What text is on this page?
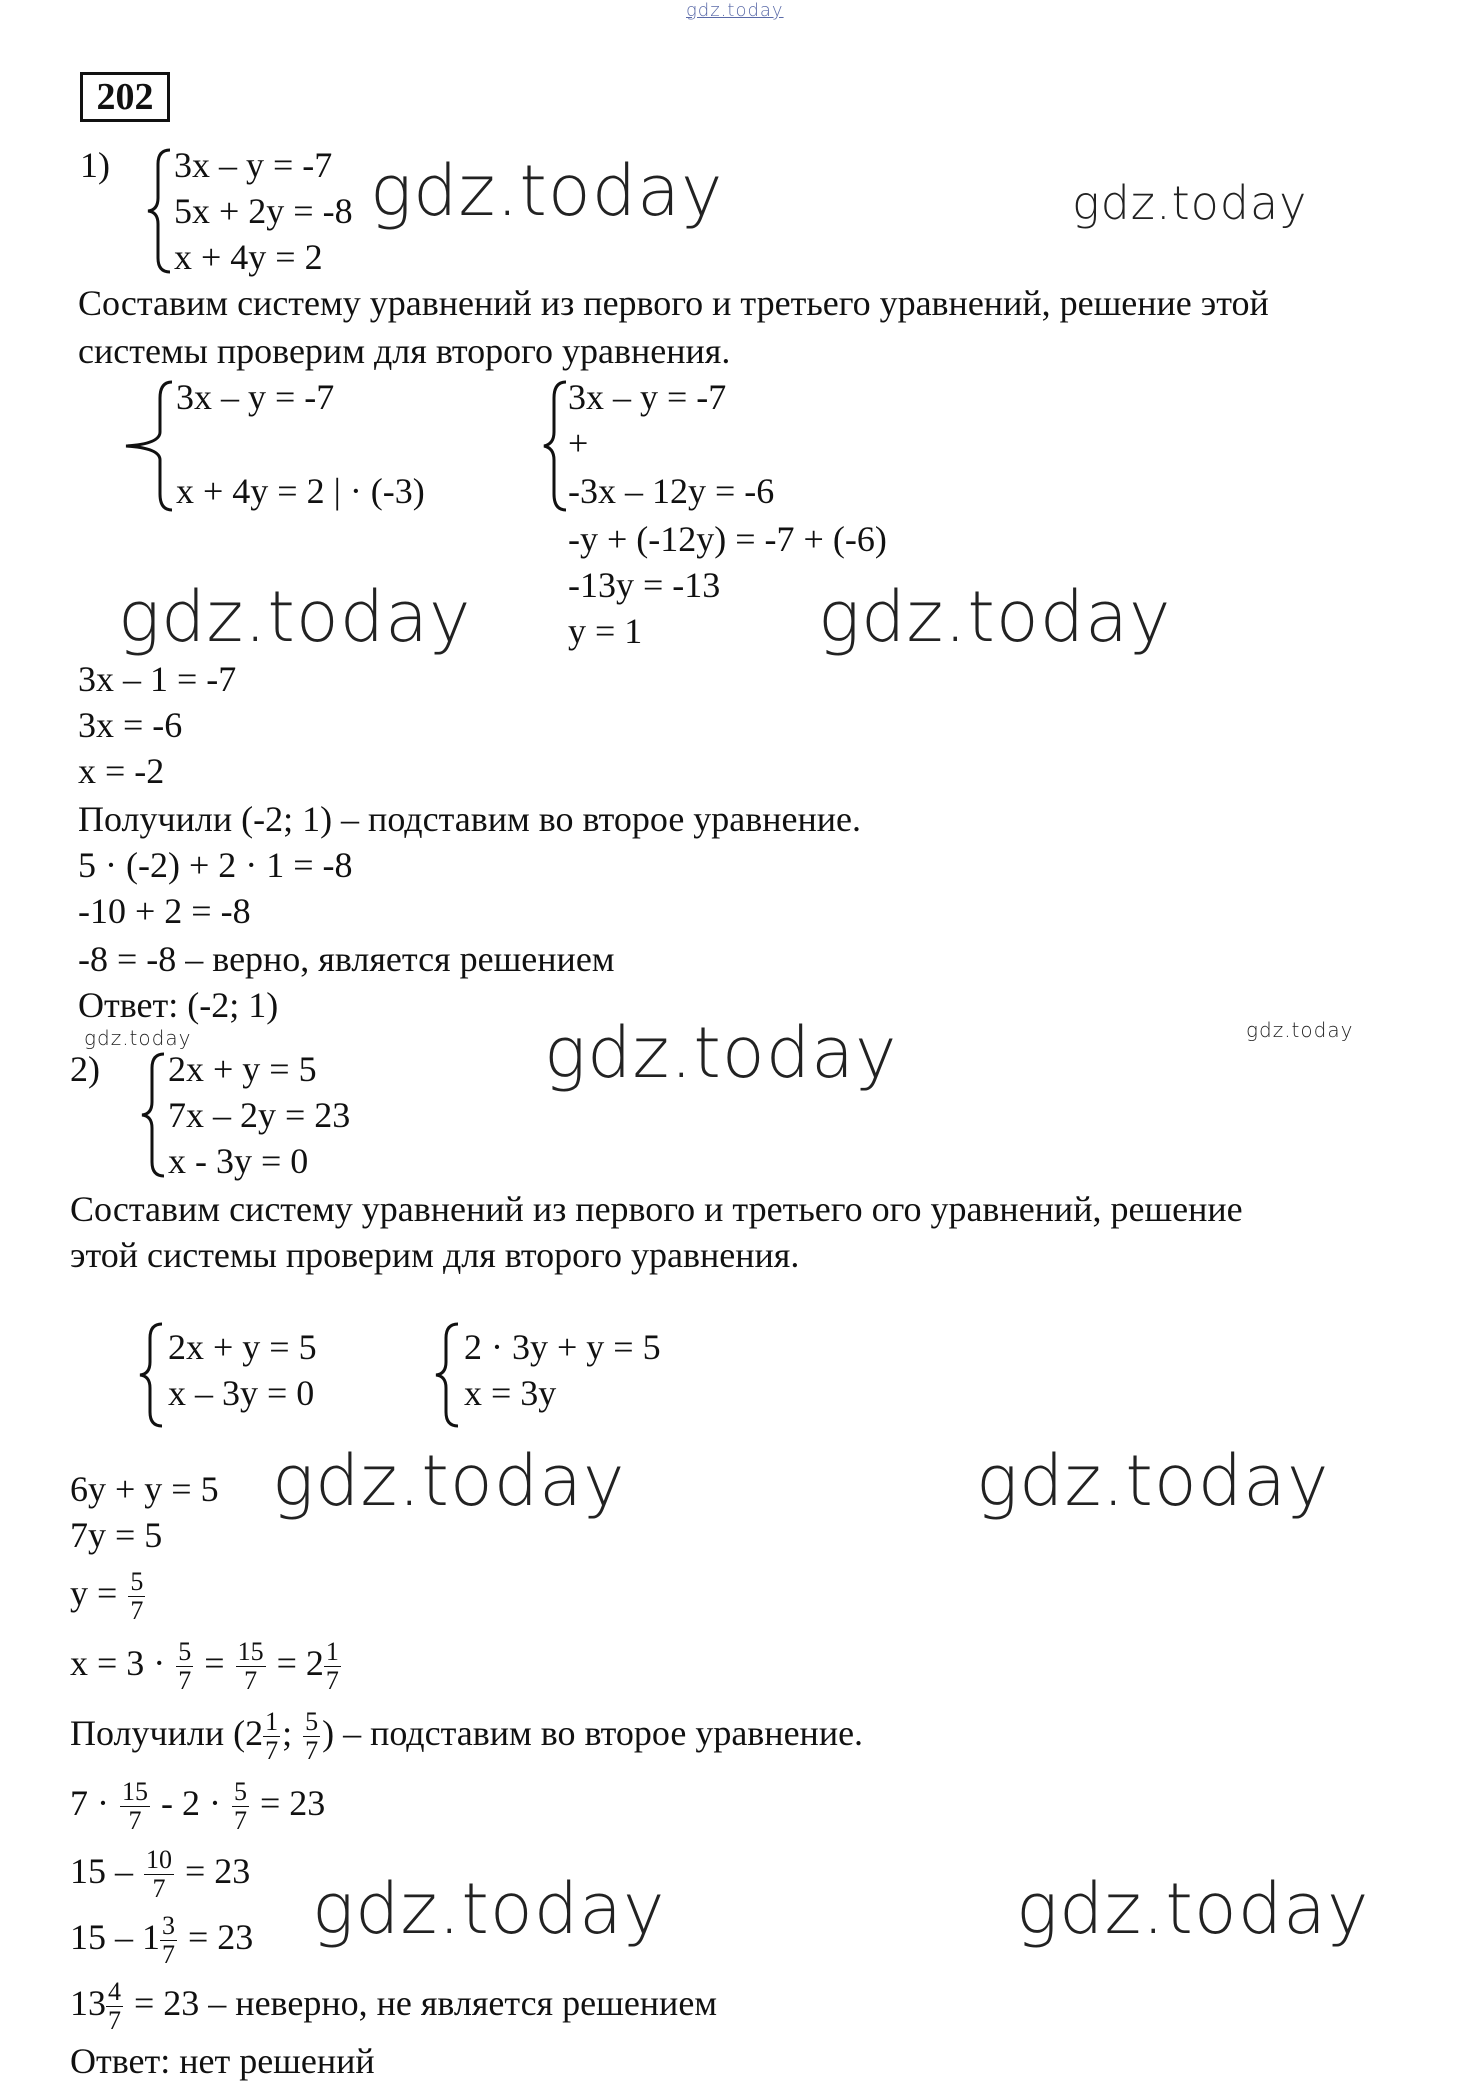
gdz.today
202
1) 3x – y = -7
5x + 2y = -8
x + 4y = 2
gdz.today	gdz.today
Составим систему уравнений из первого и третьего уравнений, решение этой
системы проверим для второго уравнения.
3x – y = -7
x + 4y = 2 | · (-3)
3x – y = -7
+
-3x – 12y = -6
-y + (-12y) = -7 + (-6)
-13y = -13
y = 1
gdz.today	gdz.today
3x – 1 = -7
3x = -6
x = -2
Получили (-2; 1) – подставим во второе уравнение.
5 · (-2) + 2 · 1 = -8
-10 + 2 = -8
-8 = -8 – верно, является решением
Ответ: (-2; 1)
gdz.today	gdz.today
gdz.today
2) 2x + y = 5
7x – 2y = 23
x - 3y = 0
Составим систему уравнений из первого и третьего ого уравнений, решение
этой системы проверим для второго уравнения.
2x + y = 5
x – 3y = 0
2 · 3y + y = 5
x = 3y
6y + y = 5 gdz.today	gdz.today
7y = 5
$y = \frac{5}{7}$
$x = 3 \cdot \frac{5}{7} = \frac{15}{7} = 2 \frac{1}{7}$
Получили ($2 \frac{1}{7}$ ; $\frac{5}{7}$ ) – подставим во второе уравнение.
$7 \cdot \frac{15}{7} - 2 \cdot \frac{5}{7} = 23$
$15 - \frac{10}{7} = 23$ gdz.today	gdz.today
$15 - 1 \frac{3}{7} = 23$
$13 \frac{4}{7} = 23$ – неверно, не является решением
Ответ: нет решений
